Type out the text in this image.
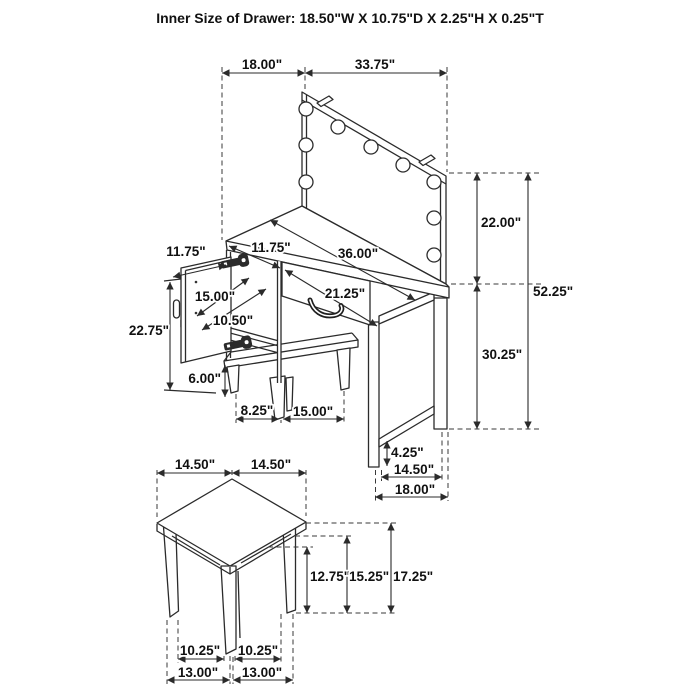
Inner Size of Drawer: 18.50"W X 10.75"D X 2.25"H X 0.25"T
18.00"	33.75"
22.00"
52.25"
30.25"
11.75"	11.75"	36.00"
21.25"
15.00"
10.50"
22.75"
6.00"
8.25" 15.00"
4.25"
14.50"
18.00"
14.50"	14.50"
12.75"
15.25" 17.25"
10.25" 10.25"
13.00" 13.00"
